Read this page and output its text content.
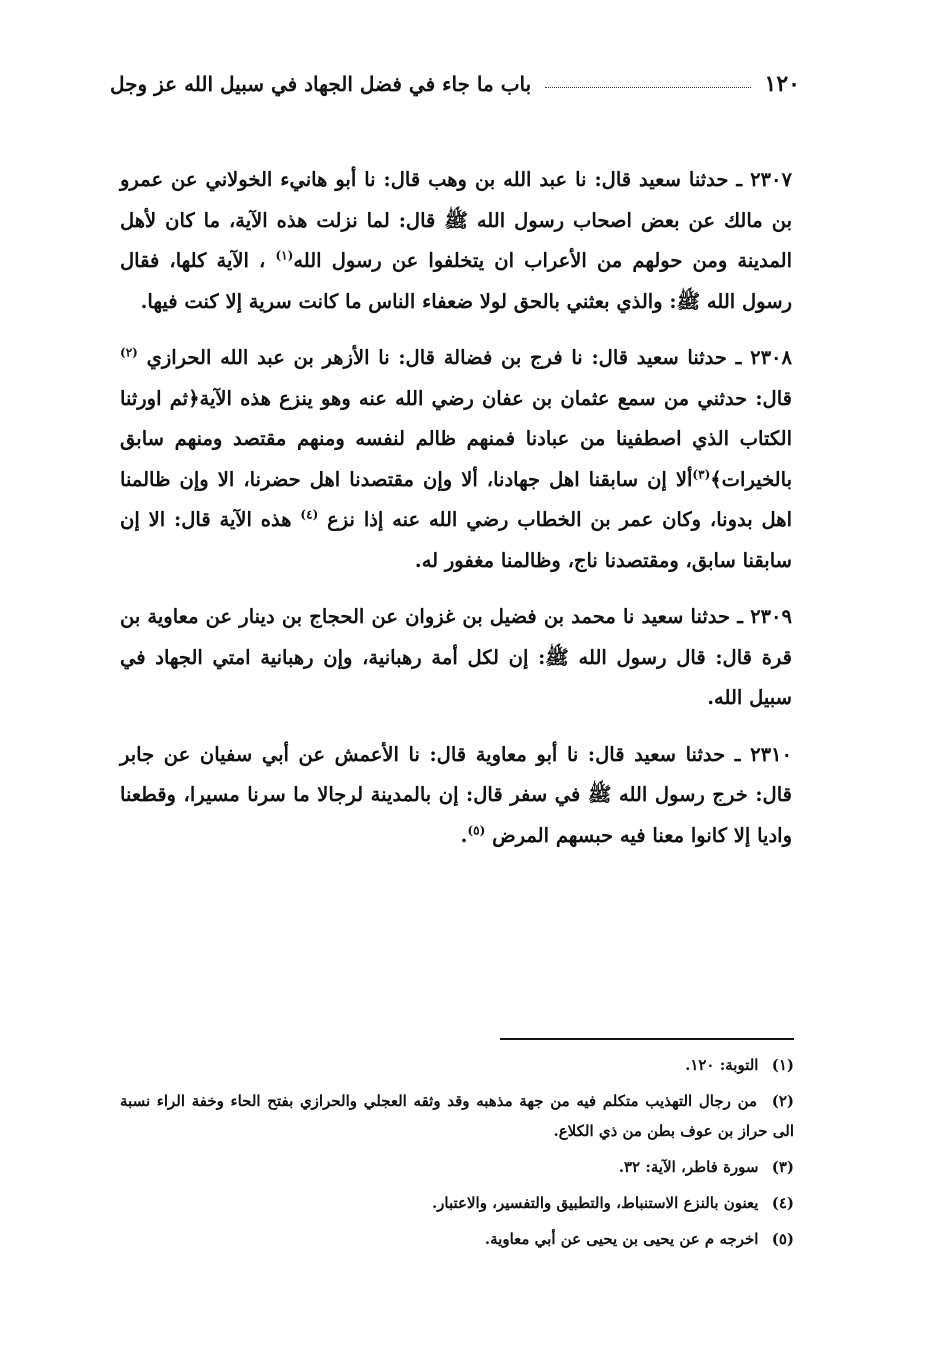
١٢٠
باب ما جاء في فضل الجهاد في سبيل الله عز وجل

٢٣٠٧ ـ حدثنا سعيد قال: نا عبد الله بن وهب قال: نا أبو هانيء الخولاني عن عمرو بن مالك عن بعض اصحاب رسول الله ﷺ قال: لما نزلت هذه الآية، ما كان لأهل المدينة ومن حولهم من الأعراب ان يتخلفوا عن رسول الله$^{(١)}$ ، الآية كلها، فقال رسول الله ﷺ: والذي بعثني بالحق لولا ضعفاء الناس ما كانت سرية إلا كنت فيها.

٢٣٠٨ ـ حدثنا سعيد قال: نا فرج بن فضالة قال: نا الأزهر بن عبد الله الحرازي $^{(٢)}$ قال: حدثني من سمع عثمان بن عفان رضي الله عنه وهو ينزع هذه الآية﴿ثم اورثنا الكتاب الذي اصطفينا من عبادنا فمنهم ظالم لنفسه ومنهم مقتصد ومنهم سابق بالخيرات﴾$^{(٣)}$ألا إن سابقنا اهل جهادنا، ألا وإن مقتصدنا اهل حضرنا، الا وإن ظالمنا اهل بدونا، وكان عمر بن الخطاب رضي الله عنه إذا نزع $^{(٤)}$ هذه الآية قال: الا إن سابقنا سابق، ومقتصدنا ناج، وظالمنا مغفور له.

٢٣٠٩ ـ حدثنا سعيد نا محمد بن فضيل بن غزوان عن الحجاج بن دينار عن معاوية بن قرة قال: قال رسول الله ﷺ: إن لكل أمة رهبانية، وإن رهبانية امتي الجهاد في سبيل الله.

٢٣١٠ ـ حدثنا سعيد قال: نا أبو معاوية قال: نا الأعمش عن أبي سفيان عن جابر قال: خرج رسول الله ﷺ في سفر قال: إن بالمدينة لرجالا ما سرنا مسيرا، وقطعنا واديا إلا كانوا معنا فيه حبسهم المرض $^{(٥)}$.

(١) التوبة: ١٢٠.

(٢) من رجال التهذيب متكلم فيه من جهة مذهبه وقد وثقه العجلي والحرازي بفتح الحاء وخفة الراء نسبة الى حراز بن عوف بطن من ذي الكلاع.

(٣) سورة فاطر، الآية: ٣٢.

(٤) يعنون بالنزع الاستنباط، والتطبيق والتفسير، والاعتبار.

(٥) اخرجه م عن يحيى بن يحيى عن أبي معاوية.
